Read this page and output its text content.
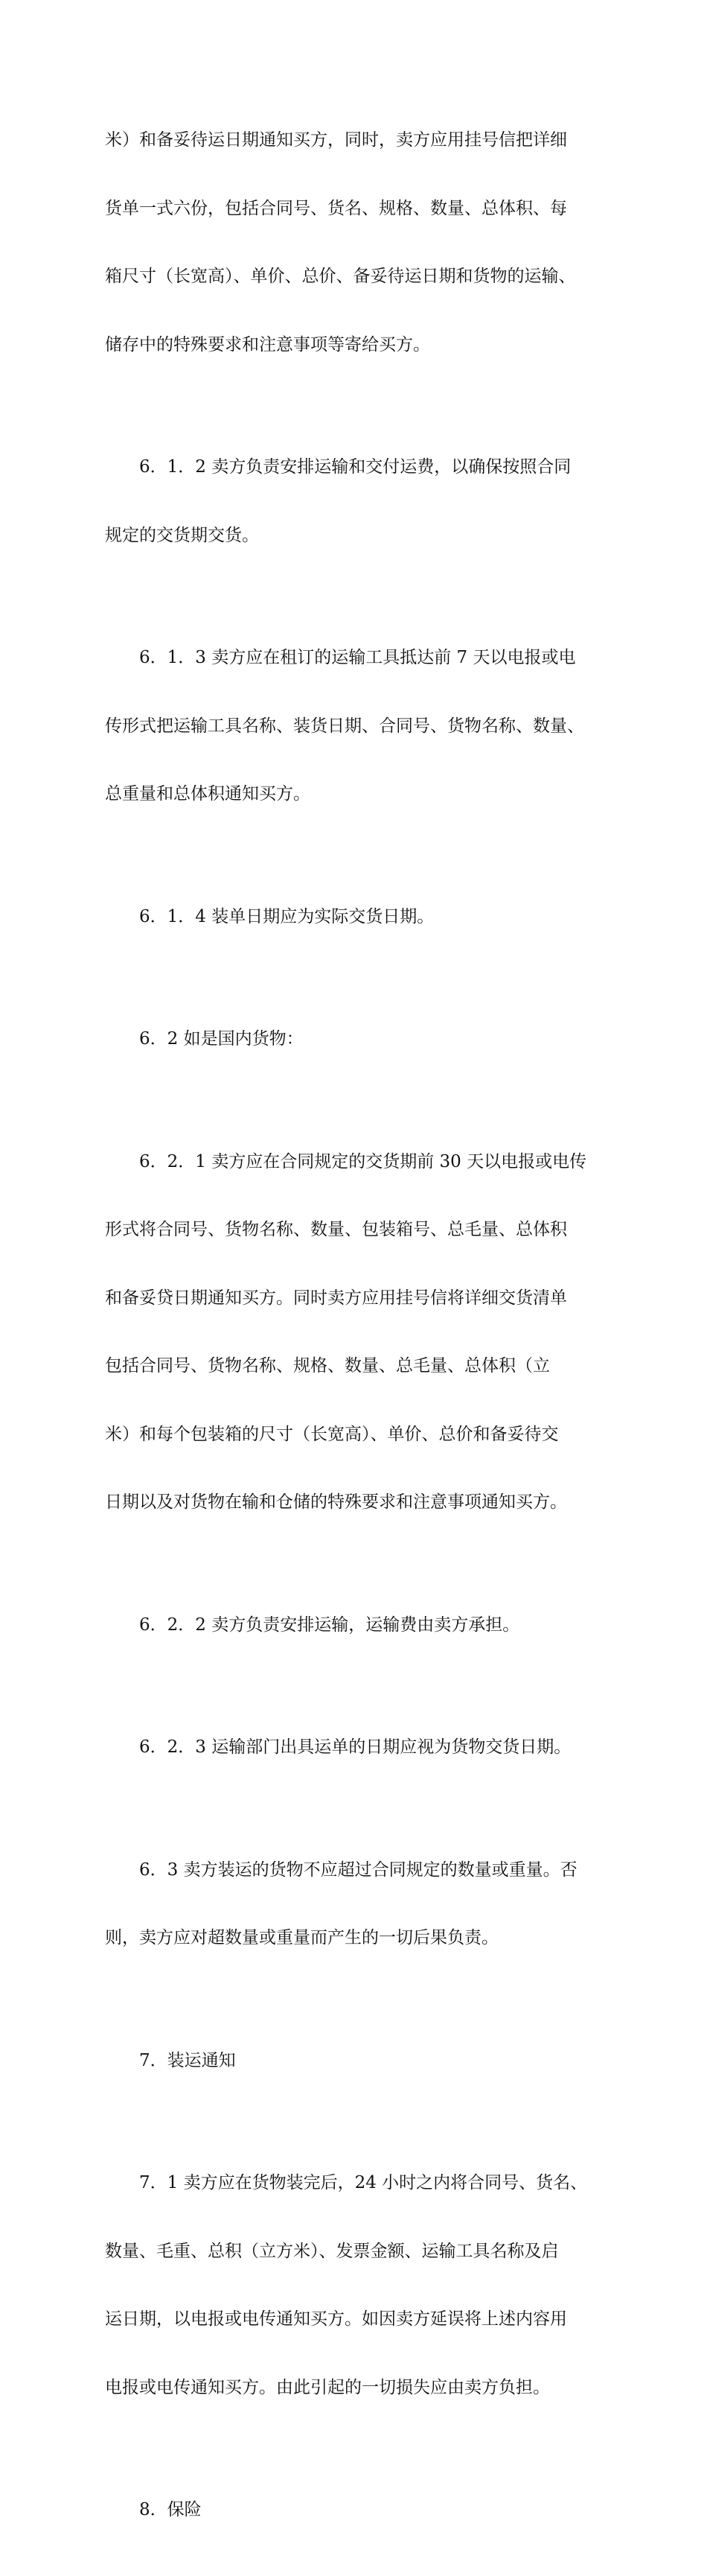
米）和备妥待运日期通知买方，同时，卖方应用挂号信把详细

货单一式六份，包括合同号、货名、规格、数量、总体积、每

箱尺寸（长宽高）、单价、总价、备妥待运日期和货物的运输、

储存中的特殊要求和注意事项等寄给买方。

　　6．1．2 卖方负责安排运输和交付运费，以确保按照合同

规定的交货期交货。

　　6．1．3 卖方应在租订的运输工具抵达前 7 天以电报或电

传形式把运输工具名称、装货日期、合同号、货物名称、数量、

总重量和总体积通知买方。

　　6．1．4 装单日期应为实际交货日期。

　　6．2 如是国内货物：

　　6．2．1 卖方应在合同规定的交货期前 30 天以电报或电传

形式将合同号、货物名称、数量、包装箱号、总毛量、总体积

和备妥贷日期通知买方。同时卖方应用挂号信将详细交货清单

包括合同号、货物名称、规格、数量、总毛量、总体积（立

米）和每个包装箱的尺寸（长宽高）、单价、总价和备妥待交

日期以及对货物在输和仓储的特殊要求和注意事项通知买方。

　　6．2．2 卖方负责安排运输，运输费由卖方承担。

　　6．2．3 运输部门出具运单的日期应视为货物交货日期。

　　6．3 卖方装运的货物不应超过合同规定的数量或重量。否

则，卖方应对超数量或重量而产生的一切后果负责。

　　7．装运通知

　　7．1 卖方应在货物装完后，24 小时之内将合同号、货名、

数量、毛重、总积（立方米）、发票金额、运输工具名称及启

运日期，以电报或电传通知买方。如因卖方延误将上述内容用

电报或电传通知买方。由此引起的一切损失应由卖方负担。

　　8．保险
